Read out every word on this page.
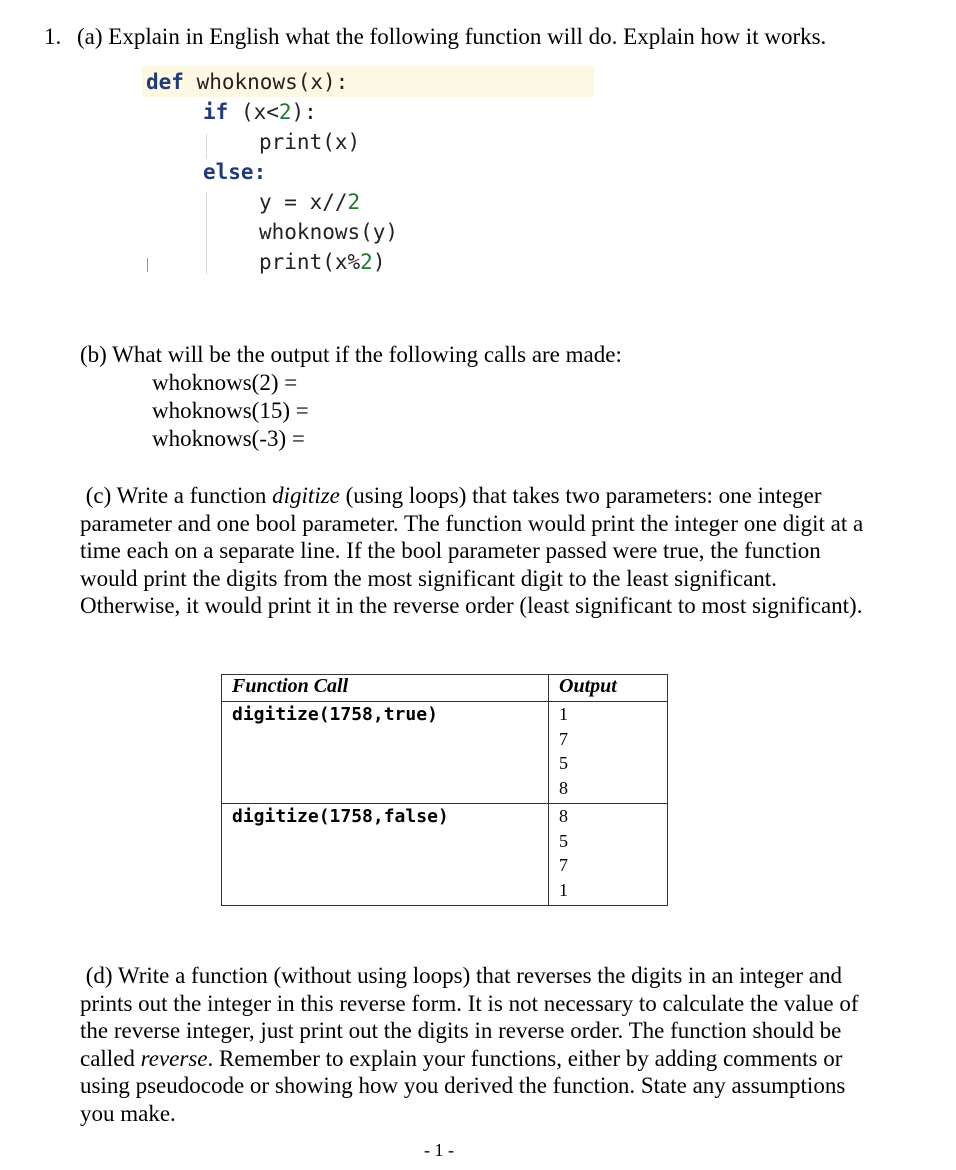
1. (a) Explain in English what the following function will do. Explain how it works.
def whoknows(x):
if (x<2):
print(x)
else:
y = x//2
whoknows(y)
print(x%2)
(b) What will be the output if the following calls are made:
whoknows(2) =
whoknows(15) =
whoknows(-3) =
(c) Write a function digitize (using loops) that takes two parameters: one integer parameter and one bool parameter. The function would print the integer one digit at a time each on a separate line. If the bool parameter passed were true, the function would print the digits from the most significant digit to the least significant. Otherwise, it would print it in the reverse order (least significant to most significant).
Function Call	Output
digitize(1758,true)	1
7
5
8

digitize(1758,false)	8
5
7
1
(d) Write a function (without using loops) that reverses the digits in an integer and prints out the integer in this reverse form. It is not necessary to calculate the value of the reverse integer, just print out the digits in reverse order. The function should be called reverse. Remember to explain your functions, either by adding comments or using pseudocode or showing how you derived the function. State any assumptions you make.
- 1 -
